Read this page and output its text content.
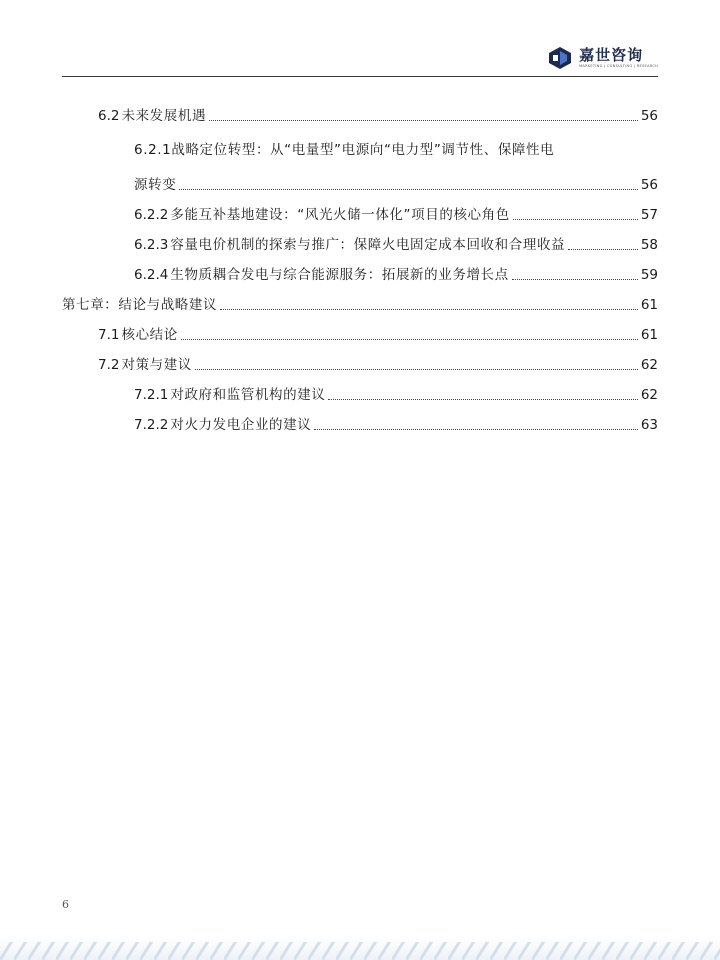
嘉世咨询
MARKETING | CONSULTING | RESEARCH
6.2 未来发展机遇	56
6.2.1战略定位转型：从“电量型”电源向“电力型”调节性、保障性电
源转变	56
6.2.2 多能互补基地建设：“风光火储一体化”项目的核心角色	57
6.2.3 容量电价机制的探索与推广：保障火电固定成本回收和合理收益	58
6.2.4 生物质耦合发电与综合能源服务：拓展新的业务增长点	59
第七章：结论与战略建议	61
7.1 核心结论	61
7.2 对策与建议	62
7.2.1 对政府和监管机构的建议	62
7.2.2 对火力发电企业的建议	63
6
